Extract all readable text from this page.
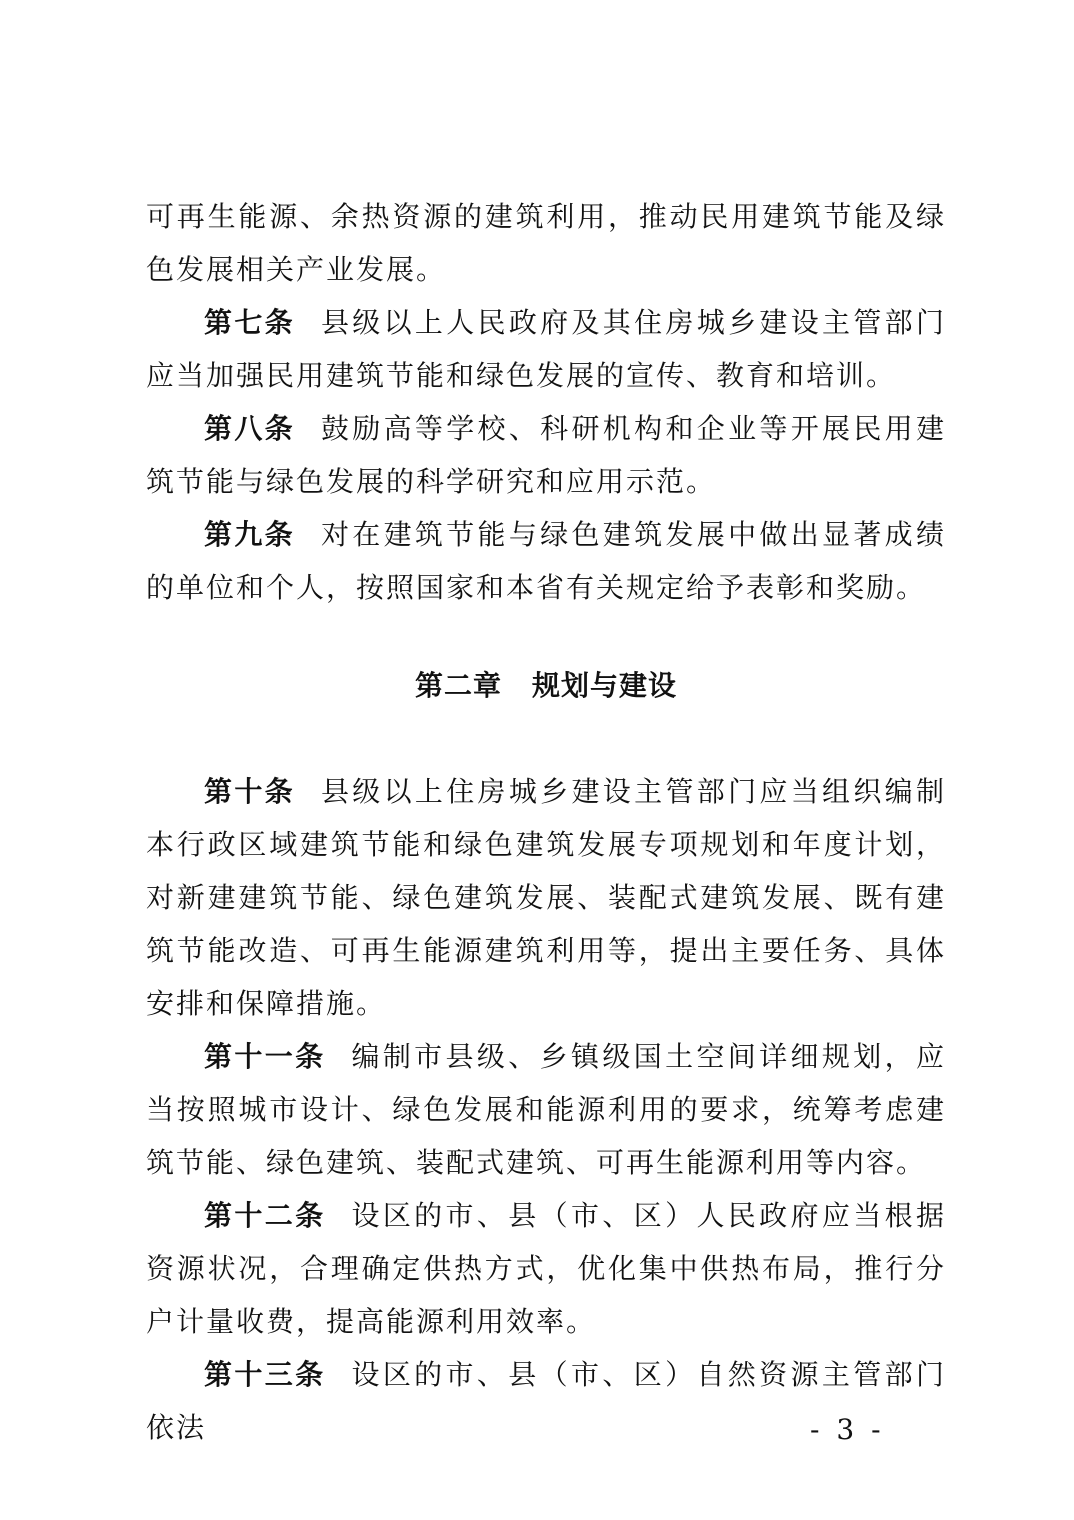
可再生能源、余热资源的建筑利用，推动民用建筑节能及绿色发展相关产业发展。

第七条 县级以上人民政府及其住房城乡建设主管部门应当加强民用建筑节能和绿色发展的宣传、教育和培训。

第八条 鼓励高等学校、科研机构和企业等开展民用建筑节能与绿色发展的科学研究和应用示范。

第九条 对在建筑节能与绿色建筑发展中做出显著成绩的单位和个人，按照国家和本省有关规定给予表彰和奖励。

第二章 规划与建设

第十条 县级以上住房城乡建设主管部门应当组织编制本行政区域建筑节能和绿色建筑发展专项规划和年度计划，对新建建筑节能、绿色建筑发展、装配式建筑发展、既有建筑节能改造、可再生能源建筑利用等，提出主要任务、具体安排和保障措施。

第十一条 编制市县级、乡镇级国土空间详细规划，应当按照城市设计、绿色发展和能源利用的要求，统筹考虑建筑节能、绿色建筑、装配式建筑、可再生能源利用等内容。

第十二条 设区的市、县（市、区）人民政府应当根据资源状况，合理确定供热方式，优化集中供热布局，推行分户计量收费，提高能源利用效率。

第十三条 设区的市、县（市、区）自然资源主管部门依法	- 3 -
